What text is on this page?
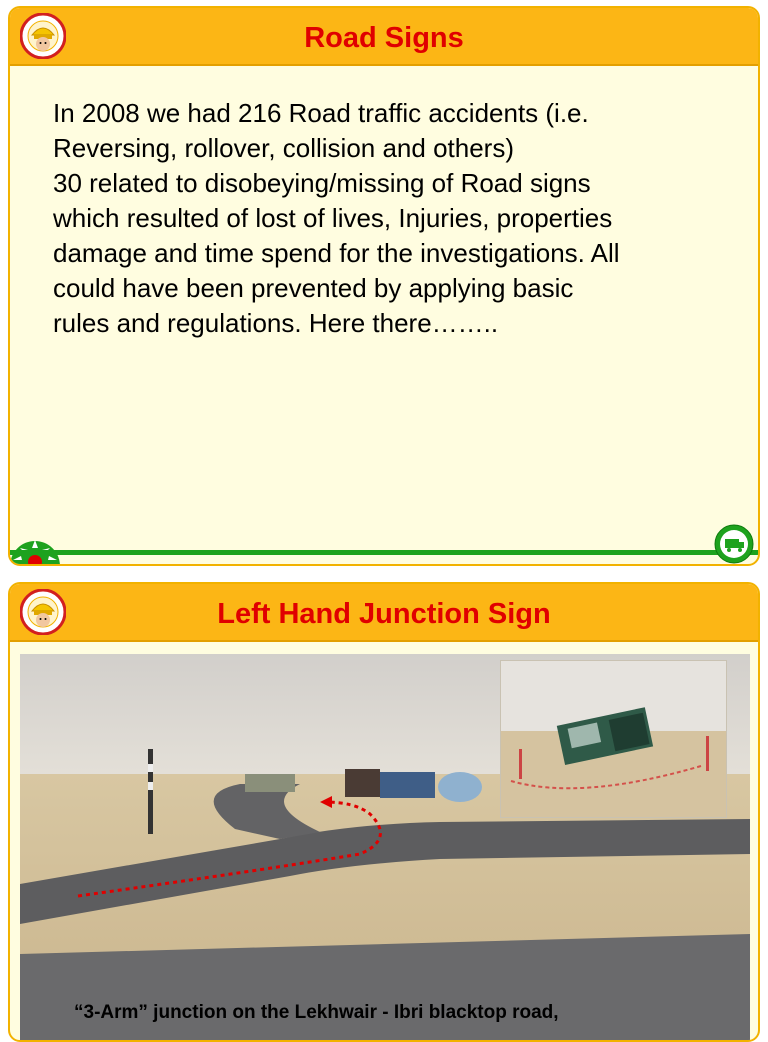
Road Signs
In 2008 we had 216 Road traffic accidents (i.e.
Reversing, rollover, collision and others)
30 related to disobeying/missing of Road signs
which resulted of lost of lives, Injuries, properties
damage and time spend for the investigations. All
could have been prevented by applying basic
rules and regulations. Here there……..
Left Hand Junction Sign
“3-Arm” junction on the Lekhwair - Ibri blacktop road,
